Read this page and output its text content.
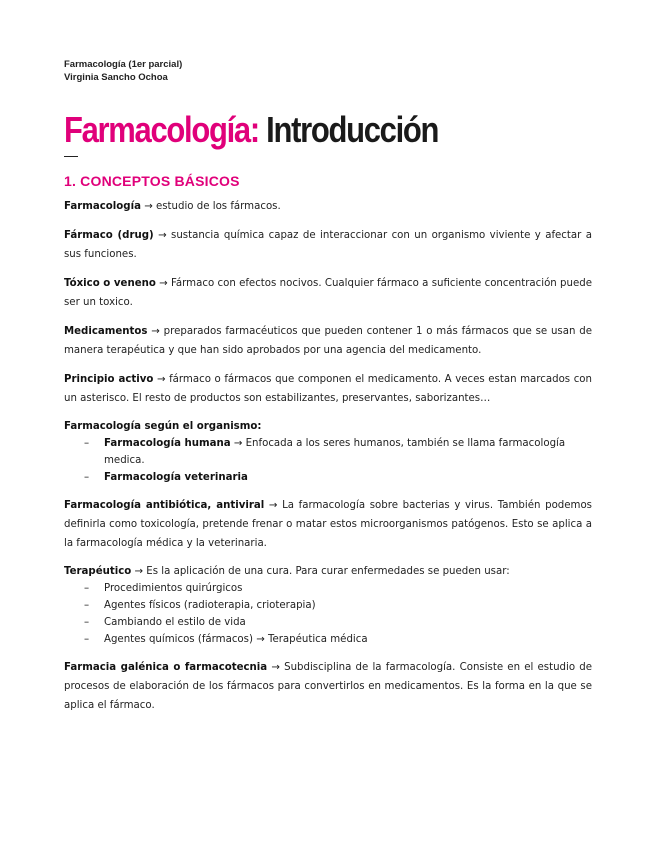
Farmacología (1er parcial)
Virginia Sancho Ochoa
Farmacología: Introducción
1. CONCEPTOS BÁSICOS

Farmacología → estudio de los fármacos.

Fármaco (drug) → sustancia química capaz de interaccionar con un organismo viviente y afectar a sus funciones.

Tóxico o veneno → Fármaco con efectos nocivos. Cualquier fármaco a suficiente concentración puede ser un toxico.

Medicamentos → preparados farmacéuticos que pueden contener 1 o más fármacos que se usan de manera terapéutica y que han sido aprobados por una agencia del medicamento.

Principio activo → fármaco o fármacos que componen el medicamento. A veces estan marcados con un asterisco. El resto de productos son estabilizantes, preservantes, saborizantes…

Farmacología según el organismo:

– Farmacología humana → Enfocada a los seres humanos, también se llama farmacología medica.
– Farmacología veterinaria

Farmacología antibiótica, antiviral → La farmacología sobre bacterias y virus. También podemos definirla como toxicología, pretende frenar o matar estos microorganismos patógenos. Esto se aplica a la farmacología médica y la veterinaria.

Terapéutico → Es la aplicación de una cura. Para curar enfermedades se pueden usar:

– Procedimientos quirúrgicos
– Agentes físicos (radioterapia, crioterapia)
– Cambiando el estilo de vida
– Agentes químicos (fármacos) → Terapéutica médica

Farmacia galénica o farmacotecnia → Subdisciplina de la farmacología. Consiste en el estudio de procesos de elaboración de los fármacos para convertirlos en medicamentos. Es la forma en la que se aplica el fármaco.
